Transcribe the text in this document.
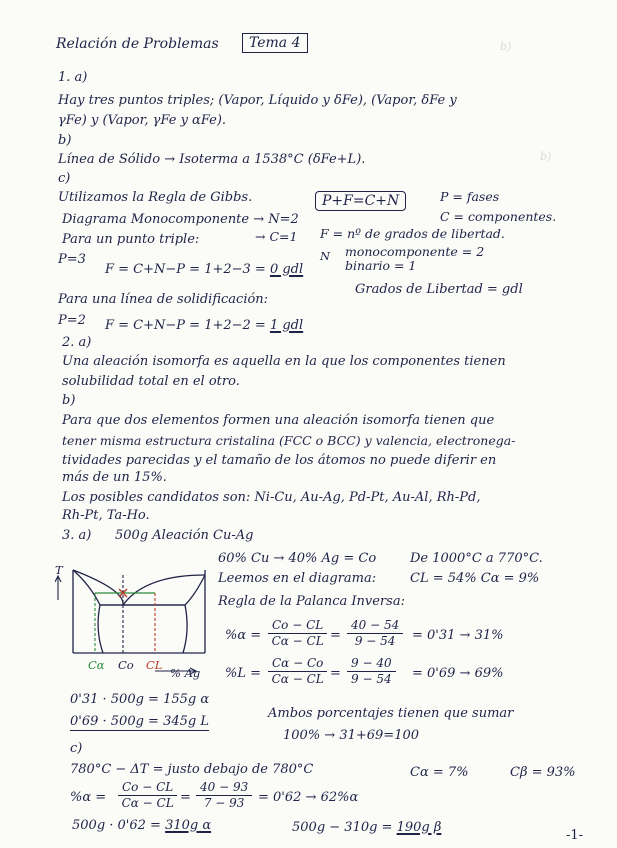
b)
b)

Relación de Problemas	Tema 4
1. a)
Hay tres puntos triples; (Vapor, Líquido y δFe), (Vapor, δFe y
γFe) y (Vapor, γFe y αFe).
b)
Línea de Sólido → Isoterma a 1538°C (δFe+L).
c)
Utilizamos la Regla de Gibbs.	P+F=C+N	P = fases
C = componentes.
F = nº de grados de libertad.
Diagrama Monocomponente → N=2
→ C=1
Para un punto triple:
N monocomponente = 2
binario = 1
P=3
F = C+N−P = 1+2−3 = 0 gdl
Grados de Libertad = gdl
Para una línea de solidificación:
P=2 F = C+N−P = 1+2−2 = 1 gdl
2. a)
Una aleación isomorfa es aquella en la que los componentes tienen
solubilidad total en el otro.
b)
Para que dos elementos formen una aleación isomorfa tienen que
tener misma estructura cristalina (FCC o BCC) y valencia, electronega-
tividades parecidas y el tamaño de los átomos no puede diferir en
más de un 15%.
Los posibles candidatos son: Ni-Cu, Au-Ag, Pd-Pt, Au-Al, Rh-Pd,
Rh-Pt, Ta-Ho.
3. a) 500g Aleación Cu-Ag
60% Cu → 40% Ag = Co	De 1000°C a 770°C.
Leemos en el diagrama:	CL = 54% Cα = 9%
Regla de la Palanca Inversa:
T
Cα Co CL
% Ag
$\%\alpha = \frac{Co - CL}{C\alpha - CL} = \frac{40 - 54}{9 - 54} = 0'31 \to 31\%$
$\%L = \frac{C\alpha - Co}{C\alpha - CL} = \frac{9 - 40}{9 - 54} = 0'69 \to 69\%$
0'31 · 500g = 155g α
0'69 · 500g = 345g L
Ambos porcentajes tienen que sumar
100% → 31+69=100
c)
780°C − ΔT = justo debajo de 780°C	Cα = 7%	Cβ = 93%
$\%\alpha = \frac{Co - CL}{C\alpha - CL} = \frac{40 - 93}{7 - 93} = 0'62 \to 62\%\alpha$
500g · 0'62 = 310g α	500g − 310g = 190g β
-1-
